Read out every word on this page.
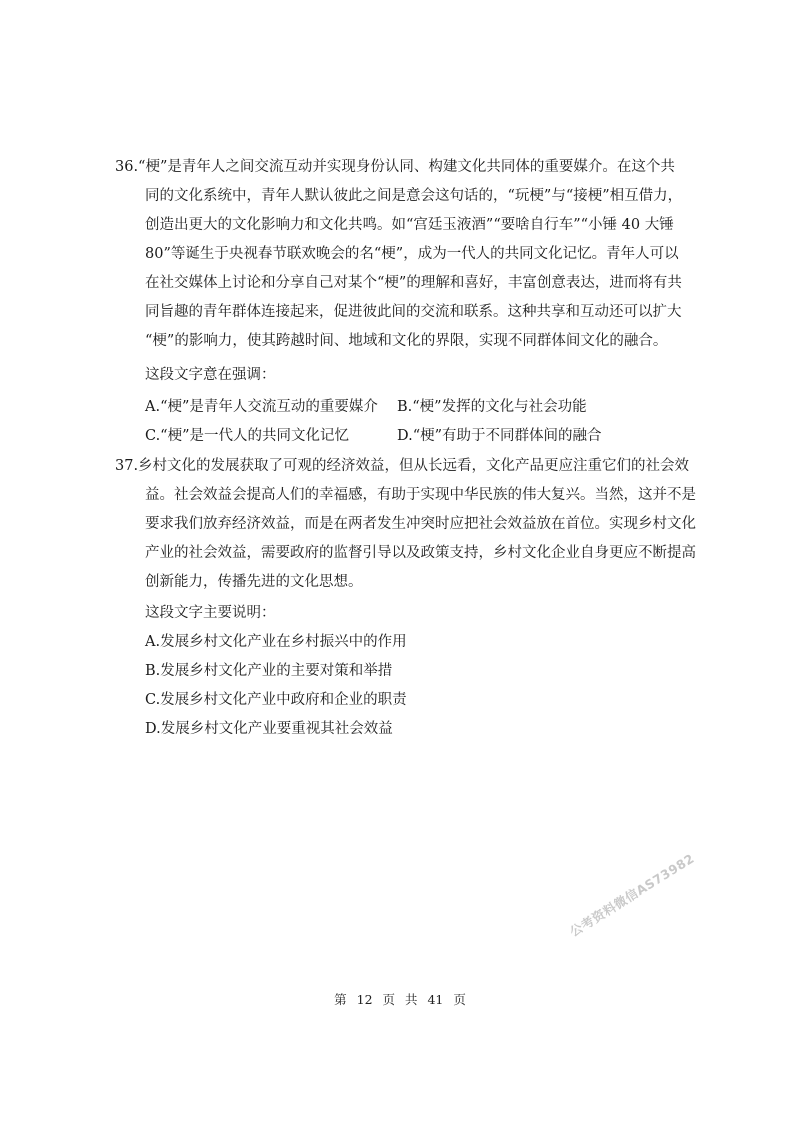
36.“梗”是青年人之间交流互动并实现身份认同、构建文化共同体的重要媒介。在这个共
同的文化系统中，青年人默认彼此之间是意会这句话的，“玩梗”与“接梗”相互借力，
创造出更大的文化影响力和文化共鸣。如“宫廷玉液酒”“要啥自行车”“小锤 40 大锤
80”等诞生于央视春节联欢晚会的名“梗”，成为一代人的共同文化记忆。青年人可以
在社交媒体上讨论和分享自己对某个“梗”的理解和喜好，丰富创意表达，进而将有共
同旨趣的青年群体连接起来，促进彼此间的交流和联系。这种共享和互动还可以扩大
“梗”的影响力，使其跨越时间、地域和文化的界限，实现不同群体间文化的融合。
这段文字意在强调：
A.“梗”是青年人交流互动的重要媒介 B.“梗”发挥的文化与社会功能
C.“梗”是一代人的共同文化记忆	D.“梗”有助于不同群体间的融合
37.乡村文化的发展获取了可观的经济效益，但从长远看，文化产品更应注重它们的社会效
益。社会效益会提高人们的幸福感，有助于实现中华民族的伟大复兴。当然，这并不是
要求我们放弃经济效益，而是在两者发生冲突时应把社会效益放在首位。实现乡村文化
产业的社会效益，需要政府的监督引导以及政策支持，乡村文化企业自身更应不断提高
创新能力，传播先进的文化思想。
这段文字主要说明：
A.发展乡村文化产业在乡村振兴中的作用
B.发展乡村文化产业的主要对策和举措
C.发展乡村文化产业中政府和企业的职责
D.发展乡村文化产业要重视其社会效益
公考资料微信AS73982
第 12 页 共 41 页
